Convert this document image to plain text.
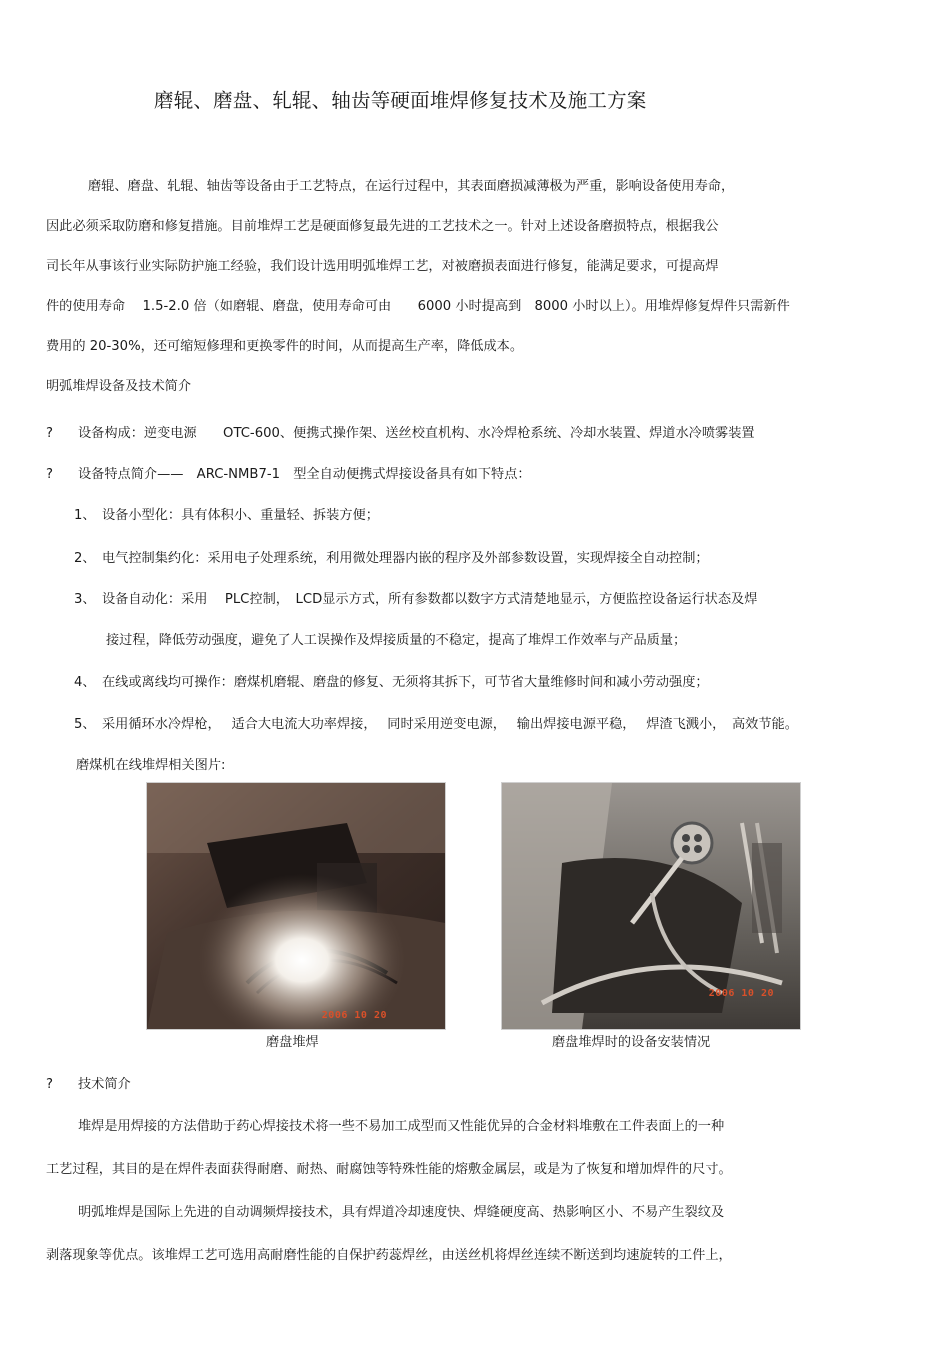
磨辊、磨盘、轧辊、轴齿等硬面堆焊修复技术及施工方案
磨辊、磨盘、轧辊、轴齿等设备由于工艺特点，在运行过程中，其表面磨损减薄极为严重，影响设备使用寿命，
因此必须采取防磨和修复措施。目前堆焊工艺是硬面修复最先进的工艺技术之一。针对上述设备磨损特点，根据我公
司长年从事该行业实际防护施工经验，我们设计选用明弧堆焊工艺，对被磨损表面进行修复，能满足要求，可提高焊
件的使用寿命　 1.5-2.0 倍（如磨辊、磨盘，使用寿命可由　　6000 小时提高到　8000 小时以上）。用堆焊修复焊件只需新件
费用的 20-30%，还可缩短修理和更换零件的时间，从而提高生产率，降低成本。
明弧堆焊设备及技术简介
? 设备构成：逆变电源　　OTC-600、便携式操作架、送丝校直机构、水冷焊枪系统、冷却水装置、焊道水冷喷雾装置
? 设备特点简介——　ARC-NMB7-1　型全自动便携式焊接设备具有如下特点：
1、 设备小型化：具有体积小、重量轻、拆装方便；
2、 电气控制集约化：采用电子处理系统，利用微处理器内嵌的程序及外部参数设置，实现焊接全自动控制；
3、 设备自动化：采用　 PLC控制，　LCD显示方式，所有参数都以数字方式清楚地显示，方便监控设备运行状态及焊
接过程，降低劳动强度，避免了人工误操作及焊接质量的不稳定，提高了堆焊工作效率与产品质量；
4、 在线或离线均可操作：磨煤机磨辊、磨盘的修复、无须将其拆下，可节省大量维修时间和减小劳动强度；
5、 采用循环水冷焊枪，　 适合大电流大功率焊接，　 同时采用逆变电源，　 输出焊接电源平稳，　 焊渣飞溅小，　高效节能。
磨煤机在线堆焊相关图片:
2006 10 20
2006 10 20
磨盘堆焊	磨盘堆焊时的设备安装情况
? 技术简介
堆焊是用焊接的方法借助于药心焊接技术将一些不易加工成型而又性能优异的合金材料堆敷在工件表面上的一种
工艺过程，其目的是在焊件表面获得耐磨、耐热、耐腐蚀等特殊性能的熔敷金属层，或是为了恢复和增加焊件的尺寸。
明弧堆焊是国际上先进的自动调频焊接技术，具有焊道冷却速度快、焊缝硬度高、热影响区小、不易产生裂纹及
剥落现象等优点。该堆焊工艺可选用高耐磨性能的自保护药蕊焊丝，由送丝机将焊丝连续不断送到均速旋转的工件上，
